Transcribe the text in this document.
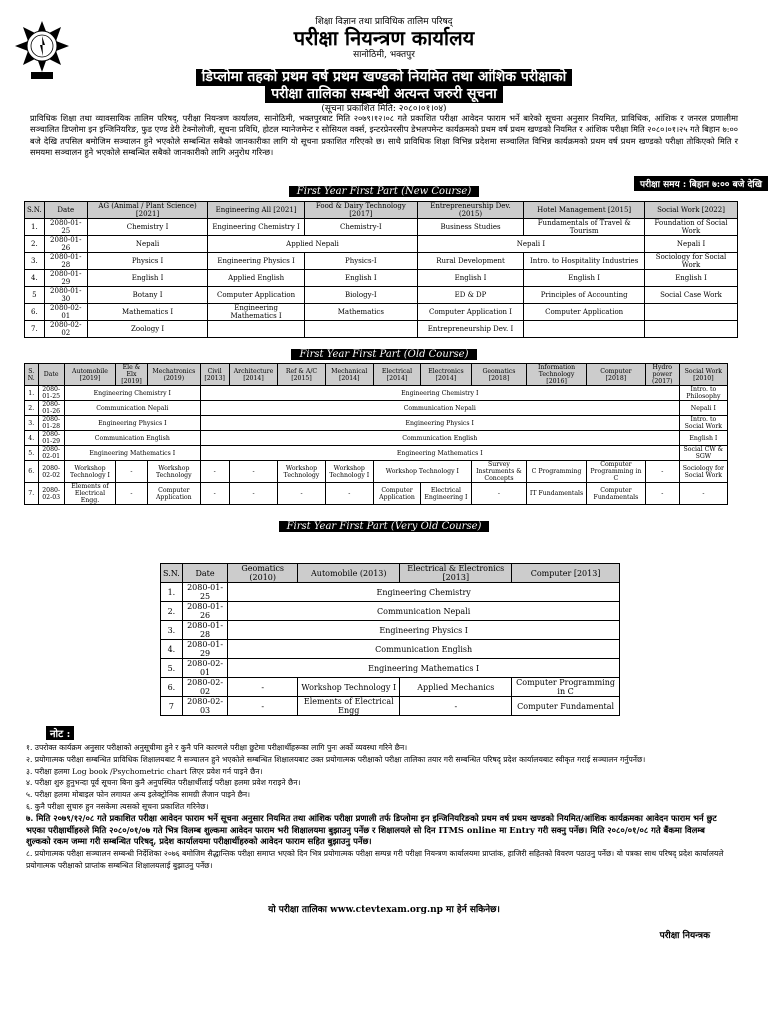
शिक्षा विज्ञान तथा प्राविधिक तालिम परिषद्
परीक्षा नियन्त्रण कार्यालय
सानोठिमी, भक्तपुर
डिप्लोमा तहको प्रथम वर्ष प्रथम खण्डको नियमित तथा आंशिक परीक्षाको
परीक्षा तालिका सम्बन्धी अत्यन्त जरुरी सूचना
(सूचना प्रकाशित मिति: २०८०।०१।०४)
प्राविधिक शिक्षा तथा व्यावसायिक तालिम परिषद्, परीक्षा नियन्त्रण कार्यालय, सानोठिमी, भक्तपुरबाट मिति २०७९।१२।०८ गते प्रकाशित परीक्षा आवेदन फाराम भर्ने बारेको सूचना अनुसार नियमित, प्राविधिक, आंशिक र जनरल प्रणालीमा सञ्चालित डिप्लोमा इन इन्जिनियरिङ, फुड एण्ड डेरी टेक्नोलोजी, सूचना प्रविधि, होटल म्यानेजमेन्ट र सोसियल वर्क्स, इन्टरप्रेनरसीप डेभलपमेन्ट कार्यक्रमको प्रथम वर्ष प्रथम खण्डको नियमित र आंशिक परीक्षा मिति २०८०।०१।२५ गते बिहान ७:०० बजे देखि तपसिल बमोजिम सञ्चालन हुने भएकोले सम्बन्धित सबैको जानकारीका लागि यो सूचना प्रकाशित गरिएको छ। साथै प्राविधिक शिक्षा विभिन्न प्रदेशमा सञ्चालित विभिन्न कार्यक्रमको प्रथम वर्ष प्रथम खण्डको परीक्षा तोकिएको मिति र समयमा सञ्चालन हुने भएकोले सम्बन्धित सबैको जानकारीको लागि अनुरोध गरिन्छ।
परीक्षा समय : बिहान ७:०० बजे देखि
First Year First Part (New Course)
S.N.	Date	AG (Animal / Plant Science) [2021]	Engineering All [2021]	Food & Dairy Technology [2017]	Entrepreneurship Dev. (2015)	Hotel Management [2015]	Social Work [2022]
1.	2080-01-25	Chemistry I	Engineering Chemistry I	Chemistry-I	Business Studies	Fundamentals of Travel & Tourism	Foundation of Social Work
2.	2080-01-26	Nepali	Applied Nepali		Nepali I		Nepali I
3.	2080-01-28	Physics I	Engineering Physics I	Physics-I	Rural Development	Intro. to Hospitality Industries	Sociology for Social Work
4.	2080-01-29	English I	Applied English	English I	English I	English I	English I
5	2080-01-30	Botany I	Computer Application	Biology-I	ED & DP	Principles of Accounting	Social Case Work
6.	2080-02-01	Mathematics I	Engineering Mathematics I	Mathematics	Computer Application I	Computer Application	
7.	2080-02-02	Zoology I			Entrepreneurship Dev. I		
First Year First Part (Old Course)
S. N.	Date	Automobile [2019]	Ele & Elx [2019]	Mechatronics (2019)	Civil [2013]	Architecture [2014]	Ref & A/C [2015]	Mechanical [2014]	Electrical [2014]	Electronics [2014]	Geomatics [2018]	Information Technology [2016]	Computer [2018]	Hydro power (2017)	Social Work [2010]
1.	2080-01-25	Engineering Chemistry I			Engineering Chemistry I										Intro. to Philosophy
2.	2080-01-26	Communication Nepali			Communication Nepali										Nepali I
3.	2080-01-28	Engineering Physics I			Engineering Physics I										Intro. to Social Work
4.	2080-01-29	Communication English			Communication English										English I
5.	2080-02-01	Engineering Mathematics I			Engineering Mathematics I										Social CW & SGW
6.	2080-02-02	Workshop Technology I	-	Workshop Technology	-	-	Workshop Technology	Workshop Technology I	Workshop Technology I		Survey Instruments & Concepts	C Programming	Computer Programming in C	-	Sociology for Social Work
7.	2080-02-03	Elements of Electrical Engg.	-	Computer Application	-	-	-	-	Computer Application	Electrical Engineering I	-	IT Fundamentals	Computer Fundamentals	-	-
First Year First Part (Very Old Course)
S.N.	Date	Geomatics (2010)	Automobile (2013)	Electrical & Electronics [2013]	Computer [2013]
1.	2080-01-25	Engineering Chemistry			
2.	2080-01-26	Communication Nepali			
3.	2080-01-28	Engineering Physics I			
4.	2080-01-29	Communication English			
5.	2080-02-01	Engineering Mathematics I			
6.	2080-02-02	-	Workshop Technology I	Applied Mechanics	Computer Programming in C
7	2080-02-03	-	Elements of Electrical Engg	-	Computer Fundamental
नोट :
१. उपरोक्त कार्यक्रम अनुसार परीक्षाको अनुसूचीमा हुने र कुनै पनि कारणले परीक्षा छुटेमा परीक्षार्थीहरूका लागि पुनः अर्को व्यवस्था गरिने छैन।
२. प्रयोगात्मक परीक्षा सम्बन्धित प्राविधिक शिक्षालयबाट नै सञ्चालन हुने भएकोले सम्बन्धित शिक्षालयबाट उक्त प्रयोगात्मक परीक्षाको परीक्षा तालिका तयार गरी सम्बन्धित परिषद् प्रदेश कार्यालयबाट स्वीकृत गराई सञ्चालन गर्नुपर्नेछ।
३. परीक्षा हलमा Log book /Psychometric chart लिएर प्रवेश गर्न पाइने छैन।
४. परीक्षा शुरु हुनुभन्दा पूर्व सूचना बिना कुनै अनुपस्थित परीक्षार्थीलाई परीक्षा हलमा प्रवेश गराइने छैन।
५. परीक्षा हलमा मोबाइल फोन लगायत अन्य इलेक्ट्रोनिक सामग्री लैजान पाइने छैन।
६. कुनै परीक्षा सुचारु हुन नसकेमा त्यसको सूचना प्रकाशित गरिनेछ।
७. मिति २०७९/१२/०८ गते प्रकाशित परीक्षा आवेदन फाराम भर्ने सूचना अनुसार नियमित तथा आंशिक परीक्षा प्रणाली तर्फ डिप्लोमा इन इन्जिनियरिङको प्रथम वर्ष प्रथम खण्डको नियमित/आंशिक कार्यक्रमका आवेदन फाराम भर्न छुट भएका परीक्षार्थीहरुले मिति २०८०/०१/०७ गते भित्र विलम्ब शुल्कमा आवेदन फाराम भरी शिक्षालयमा बुझाउनु पर्नेछ र शिक्षालयले सो दिन ITMS online मा Entry गरी सक्नु पर्नेछ। मिति २०८०/०१/०८ गते बैंकमा विलम्ब शुल्कको रकम जम्मा गरी सम्बन्धित परिषद्, प्रदेश कार्यालयमा परीक्षार्थीहरुको आवेदन फाराम सहित बुझाउनु पर्नेछ।
८. प्रयोगात्मक परीक्षा सञ्चालन सम्बन्धी निर्देशिका २०७६ बमोजिम सैद्धान्तिक परीक्षा समाप्त भएको दिन भित्र प्रयोगात्मक परीक्षा सम्पन्न गरी परीक्षा नियन्त्रण कार्यालयमा प्राप्तांक, हाजिरी सहितको विवरण पठाउनु पर्नेछ। यो पत्रका साथ परिषद् प्रदेश कार्यालयले प्रयोगात्मक परीक्षाको प्राप्तांक सम्बन्धित शिक्षालयलाई बुझाउनु पर्नेछ।
यो परीक्षा तालिका www.ctevtexam.org.np मा हेर्न सकिनेछ।
परीक्षा नियन्त्रक
